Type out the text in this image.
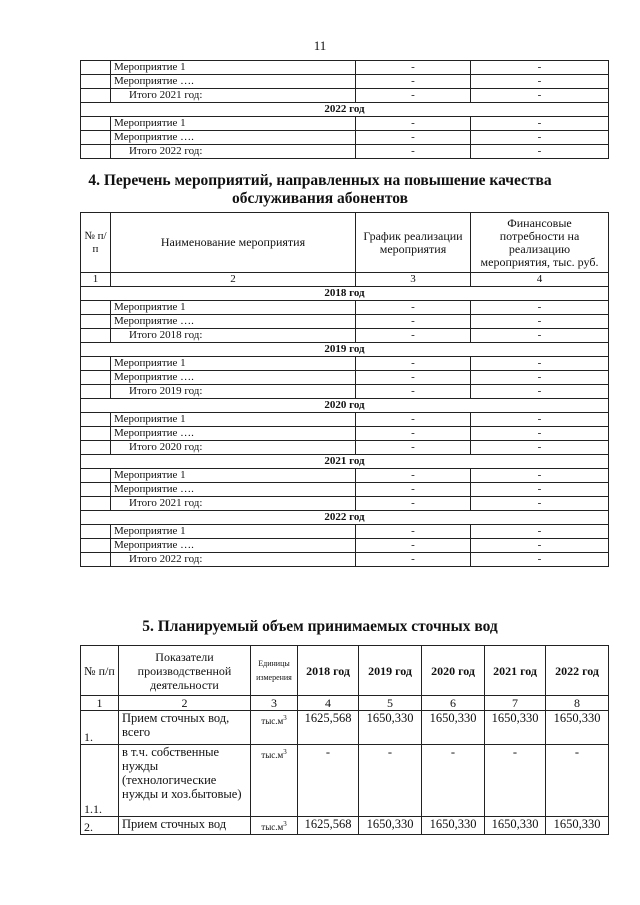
11
	Мероприятие 1	-	-
	Мероприятие ….	-	-
	Итого 2021 год:	-	-
2022 год			
	Мероприятие 1	-	-
	Мероприятие ….	-	-
	Итого 2022 год:	-	-
4. Перечень мероприятий, направленных на повышение качества
обслуживания абонентов
№ п/п	Наименование мероприятия	График реализации мероприятия	Финансовые потребности на реализацию мероприятия, тыс. руб.
1	2	3	4
2018 год			
	Мероприятие 1	-	-
	Мероприятие ….	-	-
	Итого 2018 год:	-	-
2019 год			
	Мероприятие 1	-	-
	Мероприятие ….	-	-
	Итого 2019 год:	-	-
2020 год			
	Мероприятие 1	-	-
	Мероприятие ….	-	-
	Итого 2020 год:	-	-
2021 год			
	Мероприятие 1	-	-
	Мероприятие ….	-	-
	Итого 2021 год:	-	-
2022 год			
	Мероприятие 1	-	-
	Мероприятие ….	-	-
	Итого 2022 год:	-	-
5. Планируемый объем принимаемых сточных вод
№ п/п	Показатели производственной деятельности	Единицы измерения	2018 год	2019 год	2020 год	2021 год	2022 год
1	2	3	4	5	6	7	8
1.	Прием сточных вод, всего	$тыс.м^3$	1625,568	1650,330	1650,330	1650,330	1650,330
1.1.	в т.ч. собственные нужды (технологические нужды и хоз.бытовые)	$тыс.м^3$	-	-	-	-	-
2.	Прием сточных вод	$тыс.м^3$	1625,568	1650,330	1650,330	1650,330	1650,330
